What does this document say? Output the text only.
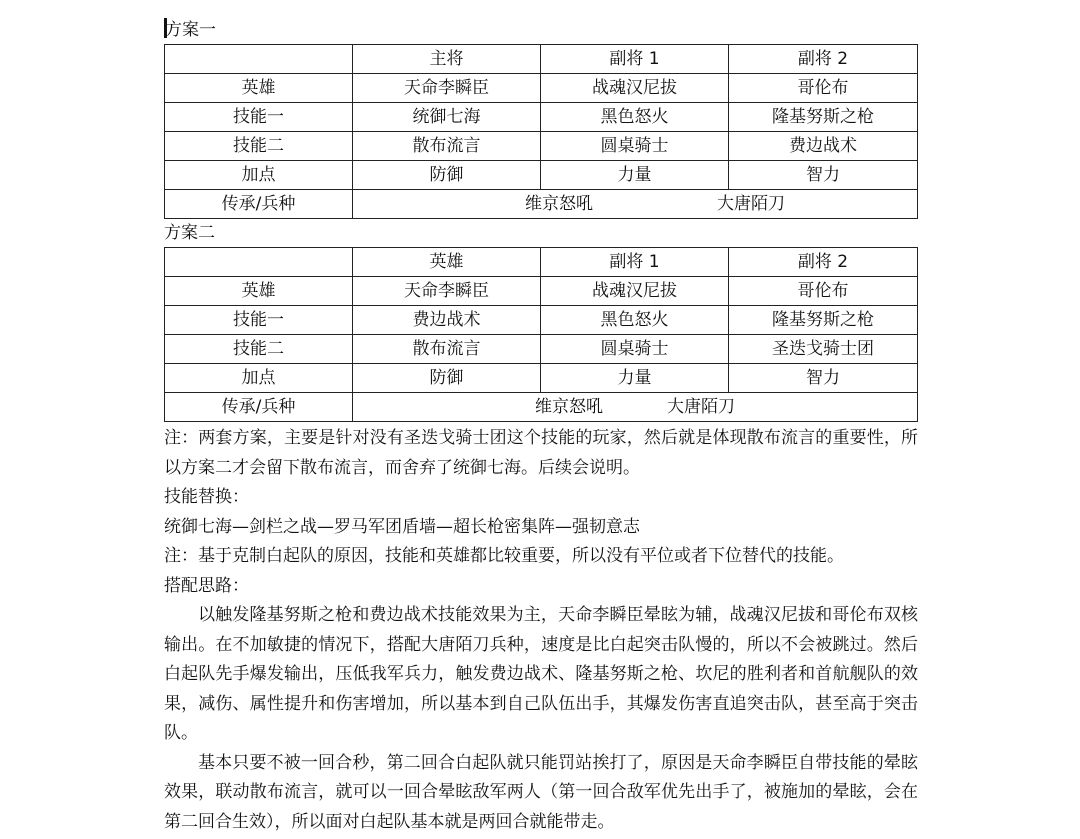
方案一
	主将	副将 1	副将 2
英雄	天命李瞬臣	战魂汉尼拔	哥伦布
技能一	统御七海	黑色怒火	隆基努斯之枪
技能二	散布流言	圆桌骑士	费边战术
加点	防御	力量	智力
传承/兵种	维京怒吼 大唐陌刀		
方案二
	英雄	副将 1	副将 2
英雄	天命李瞬臣	战魂汉尼拔	哥伦布
技能一	费边战术	黑色怒火	隆基努斯之枪
技能二	散布流言	圆桌骑士	圣迭戈骑士团
加点	防御	力量	智力
传承/兵种	维京怒吼 大唐陌刀		

注：两套方案，主要是针对没有圣迭戈骑士团这个技能的玩家，然后就是体现散布流言的重要性，所以方案二才会留下散布流言，而舍弃了统御七海。后续会说明。

技能替换：

统御七海—剑栏之战—罗马军团盾墙—超长枪密集阵—强韧意志

注：基于克制白起队的原因，技能和英雄都比较重要，所以没有平位或者下位替代的技能。

搭配思路：

以触发隆基努斯之枪和费边战术技能效果为主，天命李瞬臣晕眩为辅，战魂汉尼拔和哥伦布双核输出。在不加敏捷的情况下，搭配大唐陌刀兵种，速度是比白起突击队慢的，所以不会被跳过。然后白起队先手爆发输出，压低我军兵力，触发费边战术、隆基努斯之枪、坎尼的胜利者和首航舰队的效果，减伤、属性提升和伤害增加，所以基本到自己队伍出手，其爆发伤害直追突击队，甚至高于突击队。

基本只要不被一回合秒，第二回合白起队就只能罚站挨打了，原因是天命李瞬臣自带技能的晕眩效果，联动散布流言，就可以一回合晕眩敌军两人（第一回合敌军优先出手了，被施加的晕眩，会在第二回合生效），所以面对白起队基本就是两回合就能带走。
